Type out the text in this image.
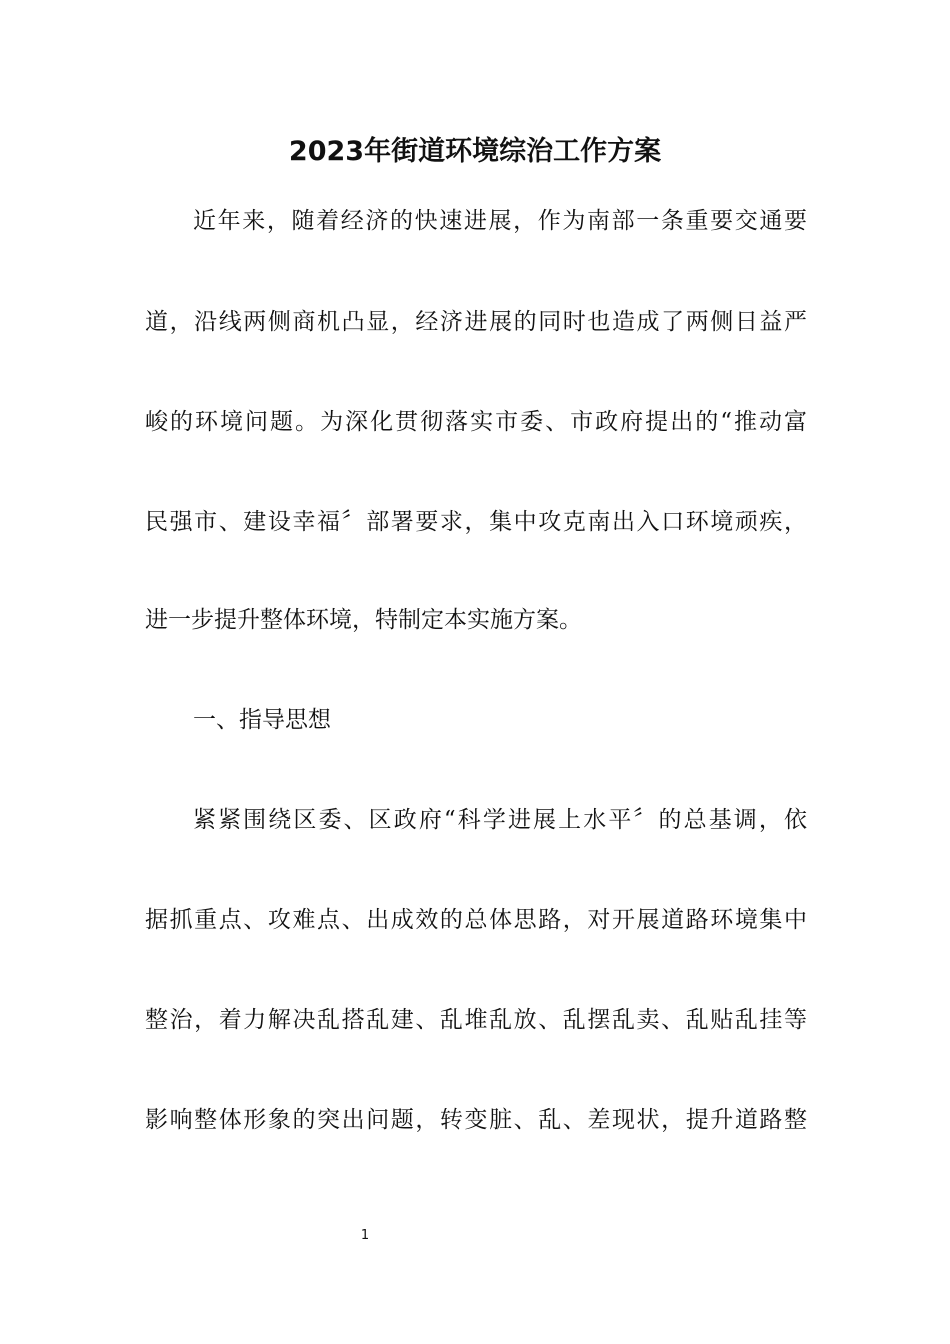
2023年街道环境综治工作方案
近年来，随着经济的快速进展，作为南部一条重要交通要
道，沿线两侧商机凸显，经济进展的同时也造成了两侧日益严
峻的环境问题。为深化贯彻落实市委、市政府提出的“推动富
民强市、建设幸福〞部署要求，集中攻克南出入口环境顽疾，
进一步提升整体环境，特制定本实施方案。
一、指导思想
紧紧围绕区委、区政府“科学进展上水平〞的总基调，依
据抓重点、攻难点、出成效的总体思路，对开展道路环境集中
整治，着力解决乱搭乱建、乱堆乱放、乱摆乱卖、乱贴乱挂等
影响整体形象的突出问题，转变脏、乱、差现状，提升道路整
1
